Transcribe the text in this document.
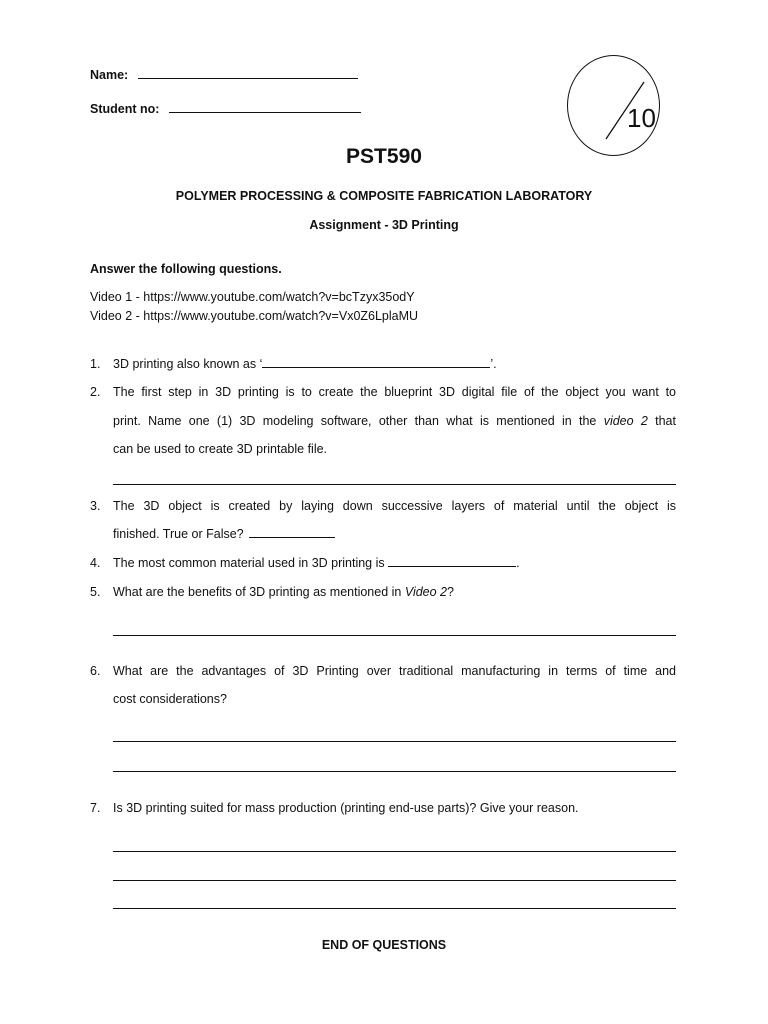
Name:
Student no:	10
PST590
POLYMER PROCESSING & COMPOSITE FABRICATION LABORATORY
Assignment - 3D Printing
Answer the following questions.
Video 1 - https://www.youtube.com/watch?v=bcTzyx35odY
Video 2 - https://www.youtube.com/watch?v=Vx0Z6LplaMU
1. 3D printing also known as ‘	’.
2. The first step in 3D printing is to create the blueprint 3D digital file of the object you want to
print. Name one (1) 3D modeling software, other than what is mentioned in the video 2 that
can be used to create 3D printable file.
3. The 3D object is created by laying down successive layers of material until the object is
finished. True or False?
4. The most common material used in 3D printing is	.
5. What are the benefits of 3D printing as mentioned in Video 2?
6. What are the advantages of 3D Printing over traditional manufacturing in terms of time and
cost considerations?
7. Is 3D printing suited for mass production (printing end-use parts)? Give your reason.
END OF QUESTIONS
